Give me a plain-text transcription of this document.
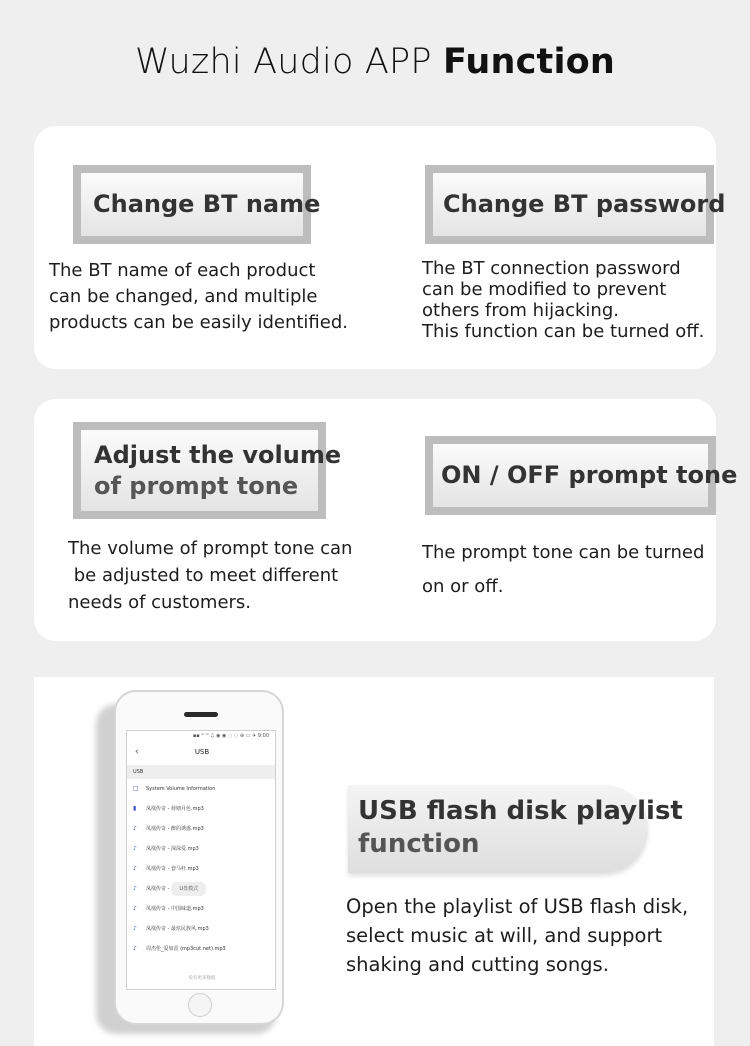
Wuzhi Audio APP Function
Change BT name
The BT name of each product
can be changed, and multiple
products can be easily identified.
Change BT password
The BT connection password
can be modified to prevent
others from hijacking.
This function can be turned off.
Adjust the volume
of prompt tone
The volume of prompt tone can
be adjusted to meet different
needs of customers.
ON / OFF prompt tone
The prompt tone can be turned
on or off.
▪▪ ⁿˡ ⁿˡ ♫ ◉ ◉ ◌ ◌ ⊕ ▭ ✈ 9:00
‹	USB
USB
□ System Volume Information
▮ 凤凰传奇 - 荷塘月色.mp3
♪ 凤凰传奇 - 醉的诱惑.mp3
♪ 凤凰传奇 - 深深爱.mp3
♪ 凤凰传奇 - 套马杆.mp3
♪ 凤凰传奇 - U盘模式
♪ 凤凰传奇 - 中国味道.mp3
♪ 凤凰传奇 - 最炫民族风.mp3
♪ 周杰伦_爱如雷 (mp3cut.net).mp3
没有更多数据
USB flash disk playlist
function
Open the playlist of USB flash disk,
select music at will, and support
shaking and cutting songs.
